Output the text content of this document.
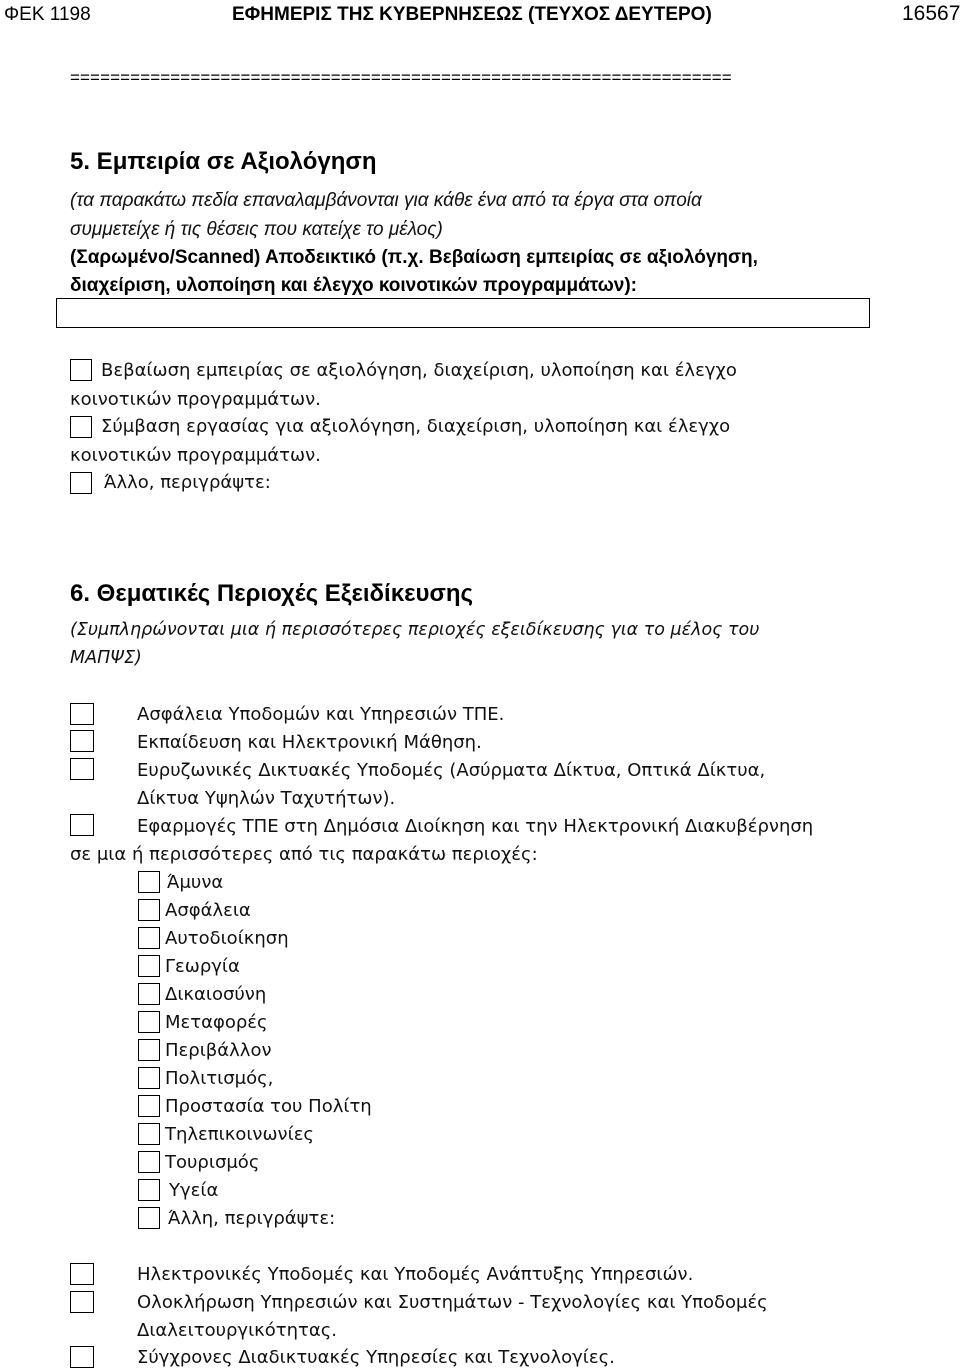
ΦΕΚ 1198	ΕΦΗΜΕΡΙΣ ΤΗΣ ΚΥΒΕΡΝΗΣΕΩΣ (ΤΕΥΧΟΣ ΔΕΥΤΕΡΟ)	16567
==================================================================
5. Εμπειρία σε Αξιολόγηση
(τα παρακάτω πεδία επαναλαμβάνονται για κάθε ένα από τα έργα στα οποία
συμμετείχε ή τις θέσεις που κατείχε το μέλος)
(Σαρωμένο/Scanned) Αποδεικτικό (π.χ. Βεβαίωση εμπειρίας σε αξιολόγηση,
διαχείριση, υλοποίηση και έλεγχο κοινοτικών προγραμμάτων):
Βεβαίωση εμπειρίας σε αξιολόγηση, διαχείριση, υλοποίηση και έλεγχο
κοινοτικών προγραμμάτων.
Σύμβαση εργασίας για αξιολόγηση, διαχείριση, υλοποίηση και έλεγχο
κοινοτικών προγραμμάτων.
Άλλο, περιγράψτε:
6. Θεματικές Περιοχές Εξειδίκευσης
(Συμπληρώνονται μια ή περισσότερες περιοχές εξειδίκευσης για το μέλος του
ΜΑΠΨΣ)
Ασφάλεια Υποδομών και Υπηρεσιών ΤΠΕ.
Εκπαίδευση και Ηλεκτρονική Μάθηση.
Ευρυζωνικές Δικτυακές Υποδομές (Ασύρματα Δίκτυα, Οπτικά Δίκτυα,
Δίκτυα Υψηλών Ταχυτήτων).
Εφαρμογές ΤΠΕ στη Δημόσια Διοίκηση και την Ηλεκτρονική Διακυβέρνηση
σε μια ή περισσότερες από τις παρακάτω περιοχές:
Άμυνα
Ασφάλεια
Αυτοδιοίκηση
Γεωργία
Δικαιοσύνη
Μεταφορές
Περιβάλλον
Πολιτισμός,
Προστασία του Πολίτη
Τηλεπικοινωνίες
Τουρισμός
Υγεία
Άλλη, περιγράψτε:
Ηλεκτρονικές Υποδομές και Υποδομές Ανάπτυξης Υπηρεσιών.
Ολοκλήρωση Υπηρεσιών και Συστημάτων - Τεχνολογίες και Υποδομές
Διαλειτουργικότητας.
Σύγχρονες Διαδικτυακές Υπηρεσίες και Τεχνολογίες.
